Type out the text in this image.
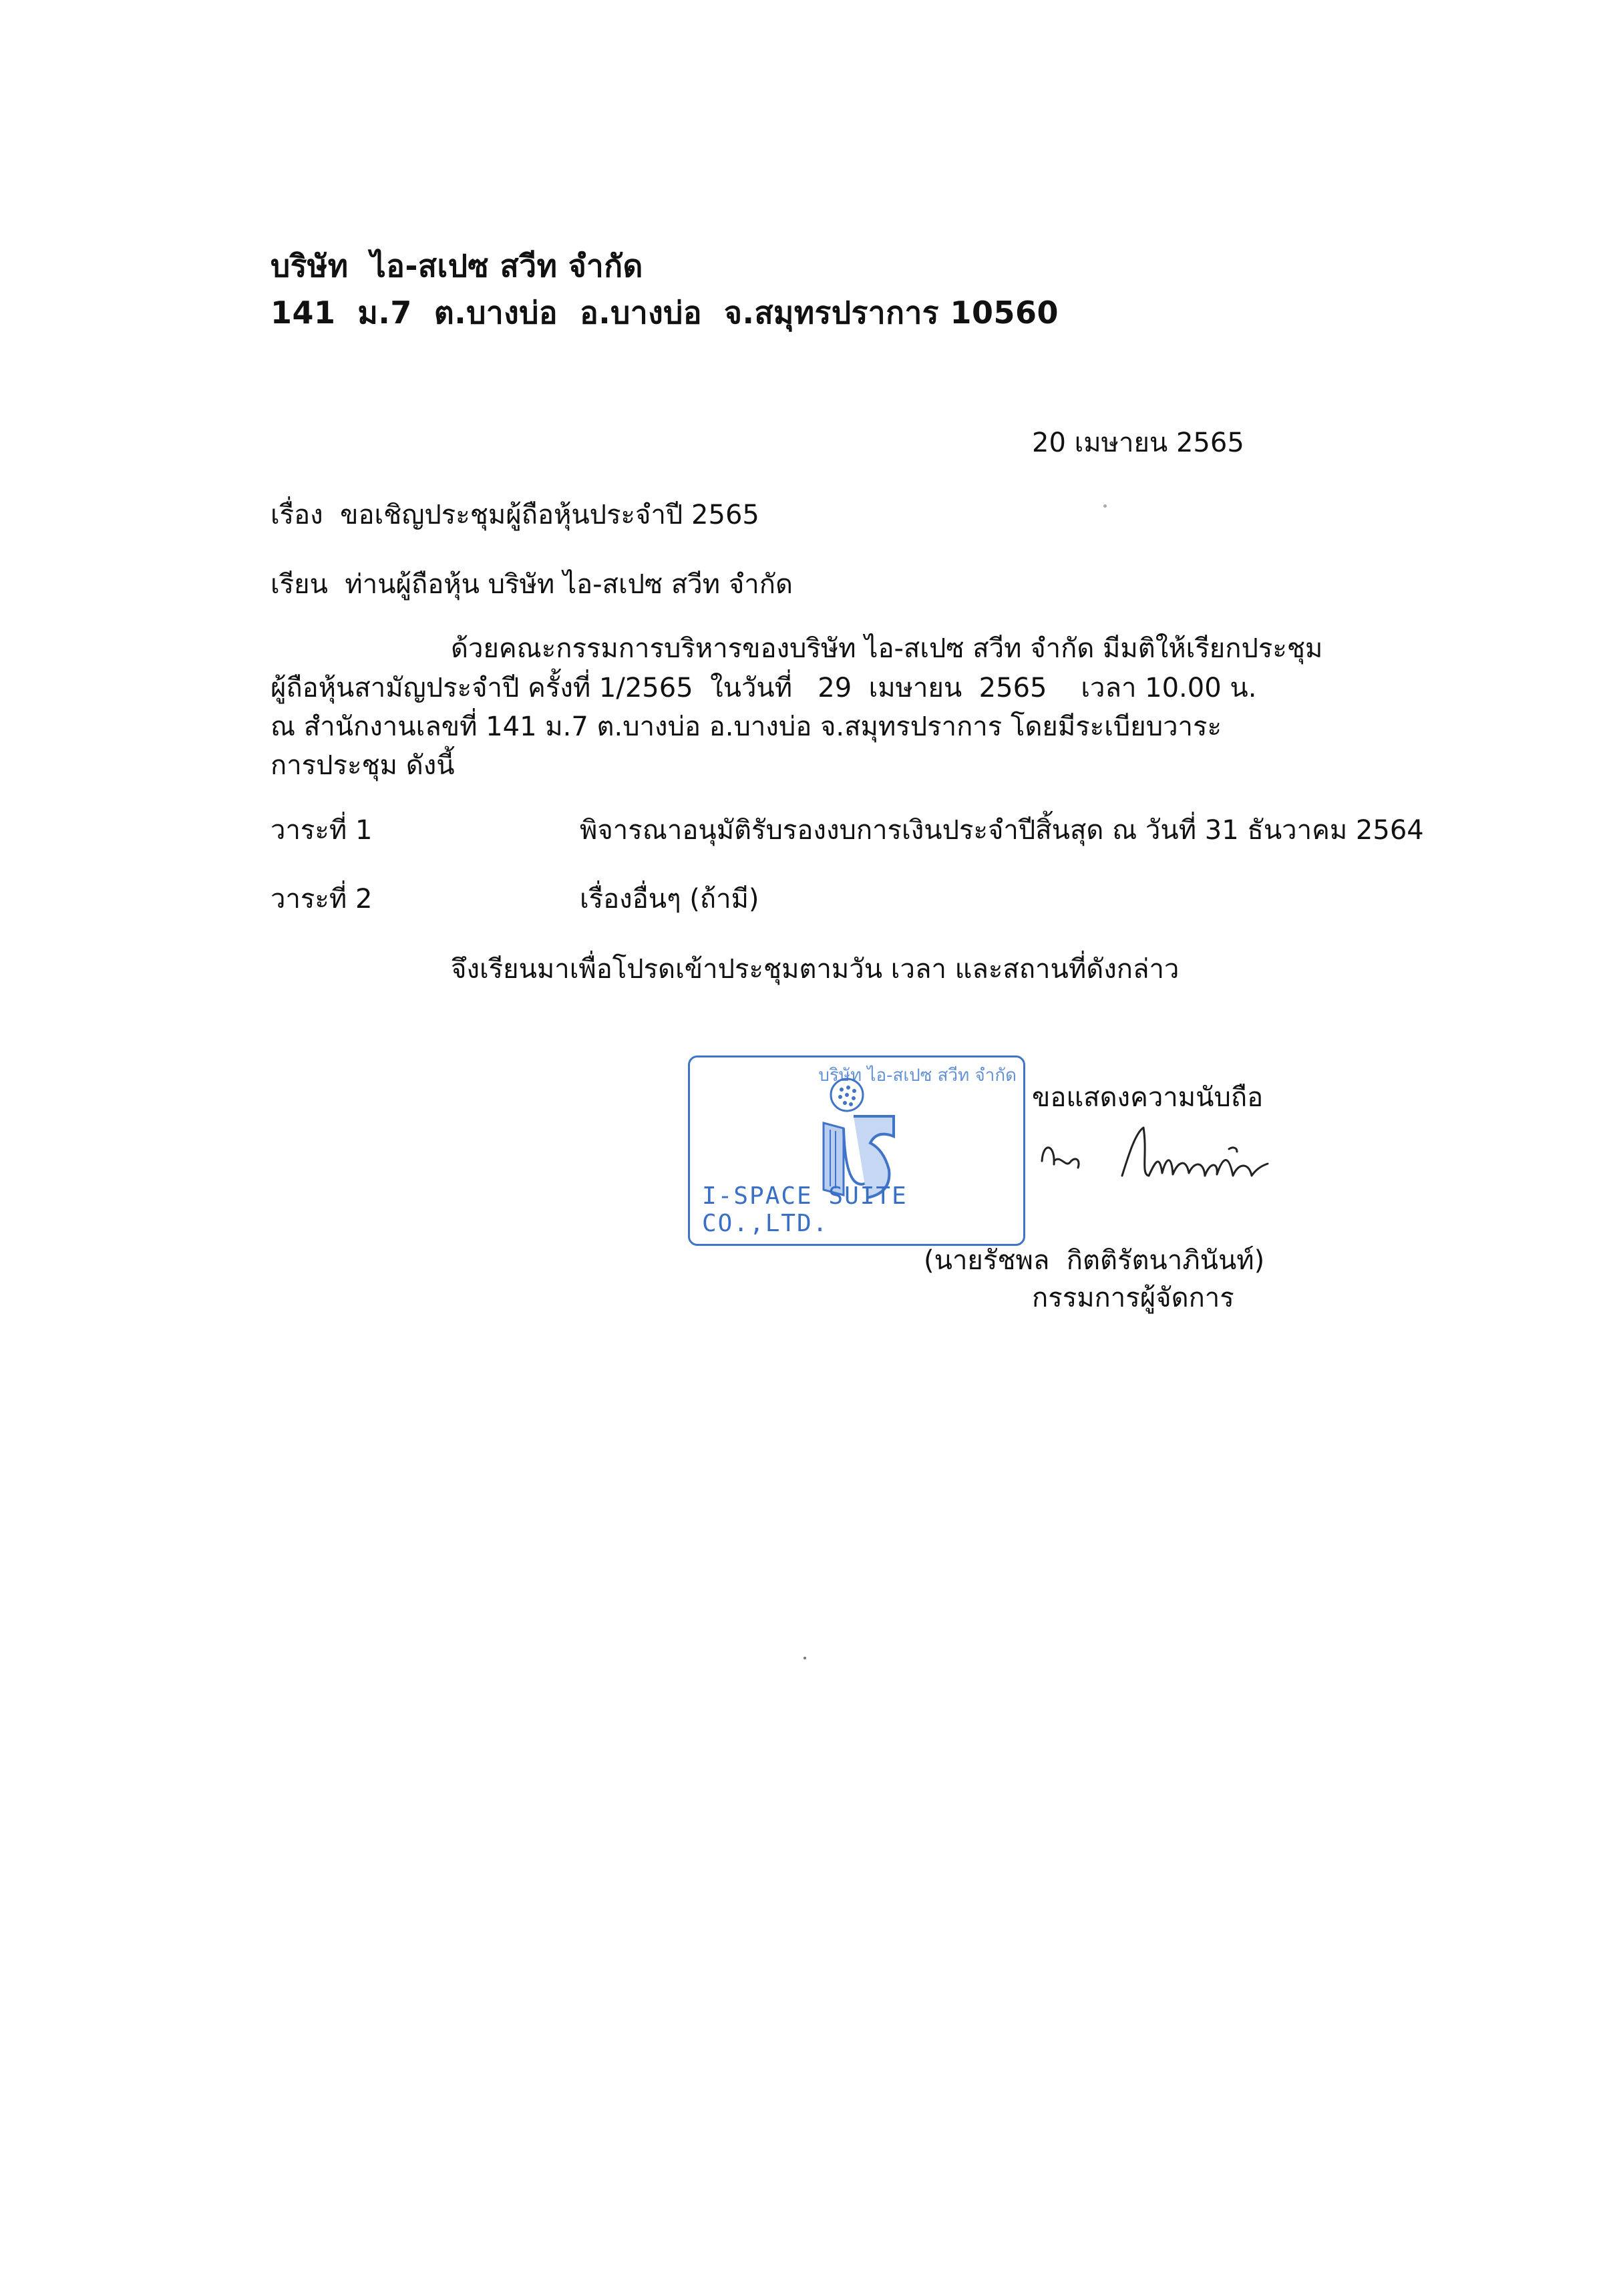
บริษัท  ไอ-สเปซ สวีท จำกัด
141  ม.7  ต.บางบ่อ  อ.บางบ่อ  จ.สมุทรปราการ 10560
20 เมษายน 2565
เรื่อง  ขอเชิญประชุมผู้ถือหุ้นประจำปี 2565
เรียน  ท่านผู้ถือหุ้น บริษัท ไอ-สเปซ สวีท จำกัด
ด้วยคณะกรรมการบริหารของบริษัท ไอ-สเปซ สวีท จำกัด มีมติให้เรียกประชุม
ผู้ถือหุ้นสามัญประจำปี ครั้งที่ 1/2565  ในวันที่   29  เมษายน  2565    เวลา 10.00 น.
ณ สำนักงานเลขที่ 141 ม.7 ต.บางบ่อ อ.บางบ่อ จ.สมุทรปราการ โดยมีระเบียบวาระ
การประชุม ดังนี้
วาระที่ 1	พิจารณาอนุมัติรับรองงบการเงินประจำปีสิ้นสุด ณ วันที่ 31 ธันวาคม 2564
วาระที่ 2	เรื่องอื่นๆ (ถ้ามี)
จึงเรียนมาเพื่อโปรดเข้าประชุมตามวัน เวลา และสถานที่ดังกล่าว
บริษัท ไอ-สเปซ สวีท จำกัด
I-SPACE SUITE CO.,LTD.
ขอแสดงความนับถือ
(นายรัชพล  กิตติรัตนาภินันท์)
กรรมการผู้จัดการ
